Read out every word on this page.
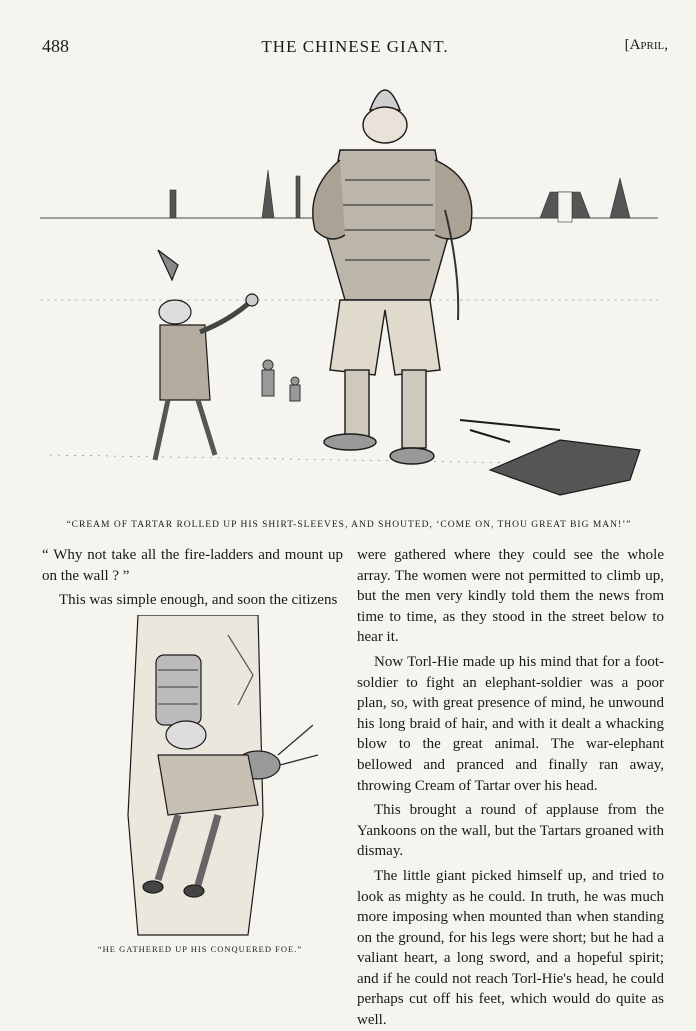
488	THE CHINESE GIANT.	[April,
“CREAM OF TARTAR ROLLED UP HIS SHIRT-SLEEVES, AND SHOUTED, ‘COME ON, THOU GREAT BIG MAN!’”

“ Why not take all the fire-ladders and mount up on the wall ? ”

This was simple enough, and soon the citizens

“HE GATHERED UP HIS CONQUERED FOE.”

were gathered where they could see the whole array. The women were not permitted to climb up, but the men very kindly told them the news from time to time, as they stood in the street below to hear it.

Now Torl-Hie made up his mind that for a foot-soldier to fight an elephant-soldier was a poor plan, so, with great presence of mind, he unwound his long braid of hair, and with it dealt a whacking blow to the great animal. The war-elephant bellowed and pranced and finally ran away, throwing Cream of Tartar over his head.

This brought a round of applause from the Yankoons on the wall, but the Tartars groaned with dismay.

The little giant picked himself up, and tried to look as mighty as he could. In truth, he was much more imposing when mounted than when standing on the ground, for his legs were short; but he had a valiant heart, a long sword, and a hopeful spirit; and if he could not reach Torl-Hie's head, he could perhaps cut off his feet, which would do quite as well.
